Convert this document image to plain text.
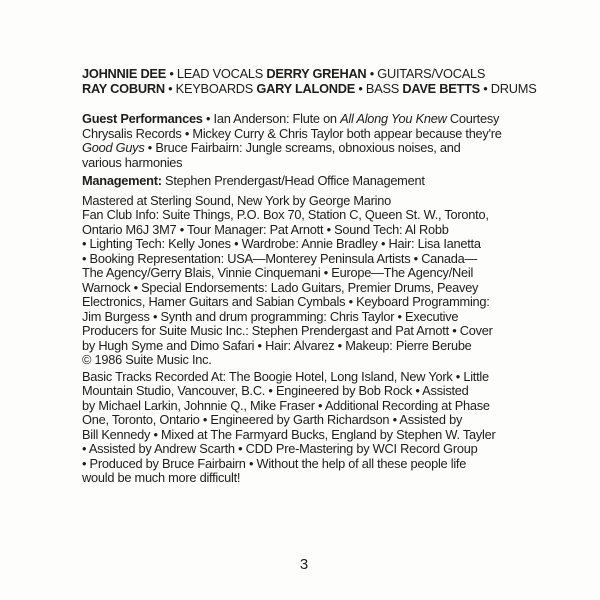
JOHNNIE DEE • LEAD VOCALS DERRY GREHAN • GUITARS/VOCALS
RAY COBURN • KEYBOARDS GARY LALONDE • BASS DAVE BETTS • DRUMS
Guest Performances • Ian Anderson: Flute on All Along You Knew Courtesy
Chrysalis Records • Mickey Curry & Chris Taylor both appear because they're
Good Guys • Bruce Fairbairn: Jungle screams, obnoxious noises, and
various harmonies
Management: Stephen Prendergast/Head Office Management
Mastered at Sterling Sound, New York by George Marino
Fan Club Info: Suite Things, P.O. Box 70, Station C, Queen St. W., Toronto,
Ontario M6J 3M7 • Tour Manager: Pat Arnott • Sound Tech: Al Robb
• Lighting Tech: Kelly Jones • Wardrobe: Annie Bradley • Hair: Lisa Ianetta
• Booking Representation: USA—Monterey Peninsula Artists • Canada—
The Agency/Gerry Blais, Vinnie Cinquemani • Europe—The Agency/Neil
Warnock • Special Endorsements: Lado Guitars, Premier Drums, Peavey
Electronics, Hamer Guitars and Sabian Cymbals • Keyboard Programming:
Jim Burgess • Synth and drum programming: Chris Taylor • Executive
Producers for Suite Music Inc.: Stephen Prendergast and Pat Arnott • Cover
by Hugh Syme and Dimo Safari • Hair: Alvarez • Makeup: Pierre Berube
© 1986 Suite Music Inc.
Basic Tracks Recorded At: The Boogie Hotel, Long Island, New York • Little
Mountain Studio, Vancouver, B.C. • Engineered by Bob Rock • Assisted
by Michael Larkin, Johnnie Q., Mike Fraser • Additional Recording at Phase
One, Toronto, Ontario • Engineered by Garth Richardson • Assisted by
Bill Kennedy • Mixed at The Farmyard Bucks, England by Stephen W. Tayler
• Assisted by Andrew Scarth • CDD Pre-Mastering by WCI Record Group
• Produced by Bruce Fairbairn • Without the help of all these people life
would be much more difficult!
3
